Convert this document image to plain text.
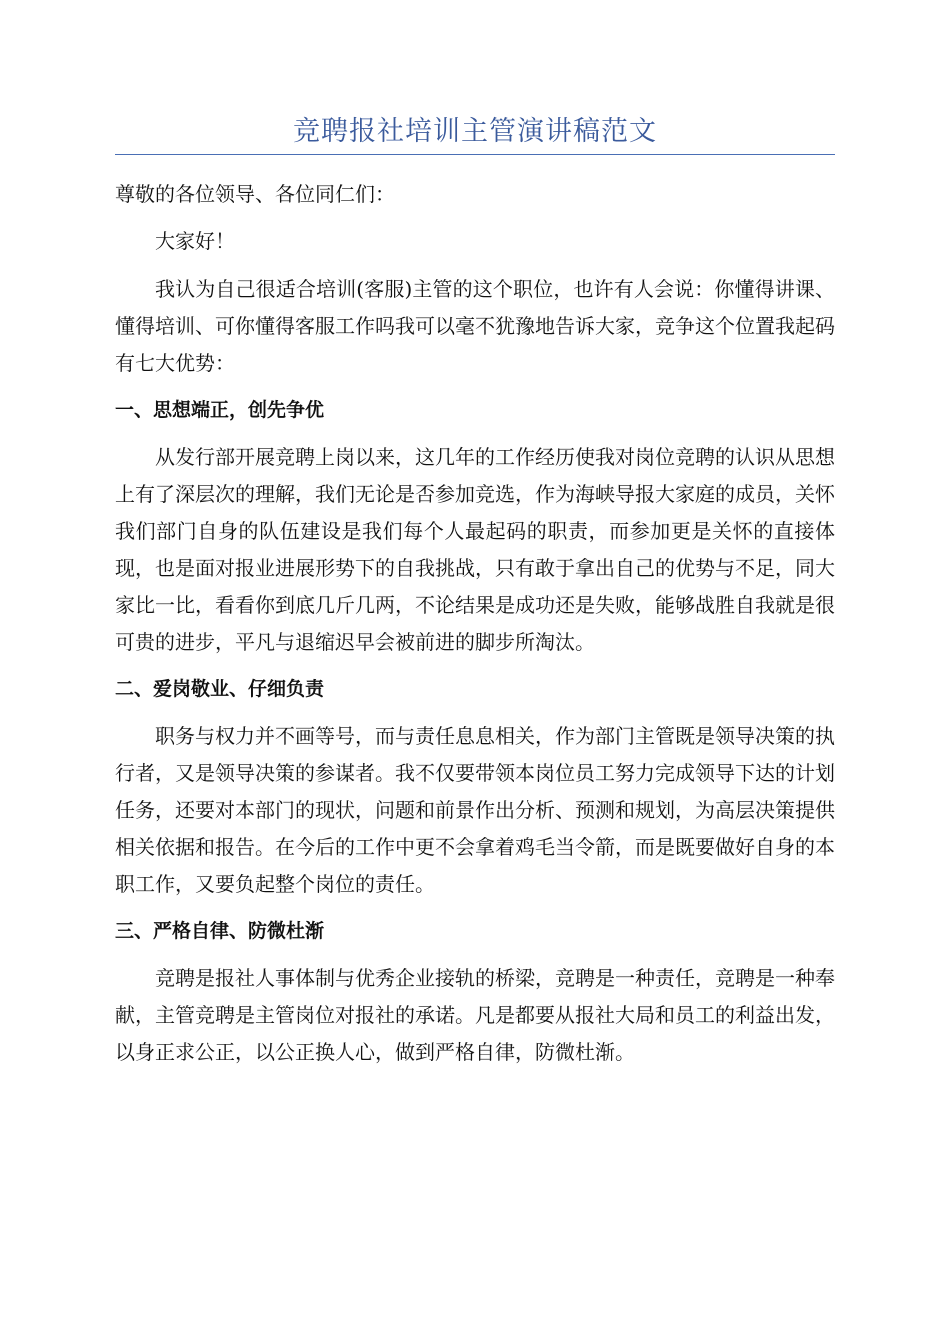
竞聘报社培训主管演讲稿范文

尊敬的各位领导、各位同仁们：

大家好！

我认为自己很适合培训(客服)主管的这个职位，也许有人会说：你懂得讲课、懂得培训、可你懂得客服工作吗我可以毫不犹豫地告诉大家，竞争这个位置我起码有七大优势：

一、思想端正，创先争优

从发行部开展竞聘上岗以来，这几年的工作经历使我对岗位竞聘的认识从思想上有了深层次的理解，我们无论是否参加竞选，作为海峡导报大家庭的成员，关怀我们部门自身的队伍建设是我们每个人最起码的职责，而参加更是关怀的直接体现，也是面对报业进展形势下的自我挑战，只有敢于拿出自己的优势与不足，同大家比一比，看看你到底几斤几两，不论结果是成功还是失败，能够战胜自我就是很可贵的进步，平凡与退缩迟早会被前进的脚步所淘汰。

二、爱岗敬业、仔细负责

职务与权力并不画等号，而与责任息息相关，作为部门主管既是领导决策的执行者，又是领导决策的参谋者。我不仅要带领本岗位员工努力完成领导下达的计划任务，还要对本部门的现状，问题和前景作出分析、预测和规划，为高层决策提供相关依据和报告。在今后的工作中更不会拿着鸡毛当令箭，而是既要做好自身的本职工作，又要负起整个岗位的责任。

三、严格自律、防微杜渐

竞聘是报社人事体制与优秀企业接轨的桥梁，竞聘是一种责任，竞聘是一种奉献，主管竞聘是主管岗位对报社的承诺。凡是都要从报社大局和员工的利益出发，以身正求公正，以公正换人心，做到严格自律，防微杜渐。
